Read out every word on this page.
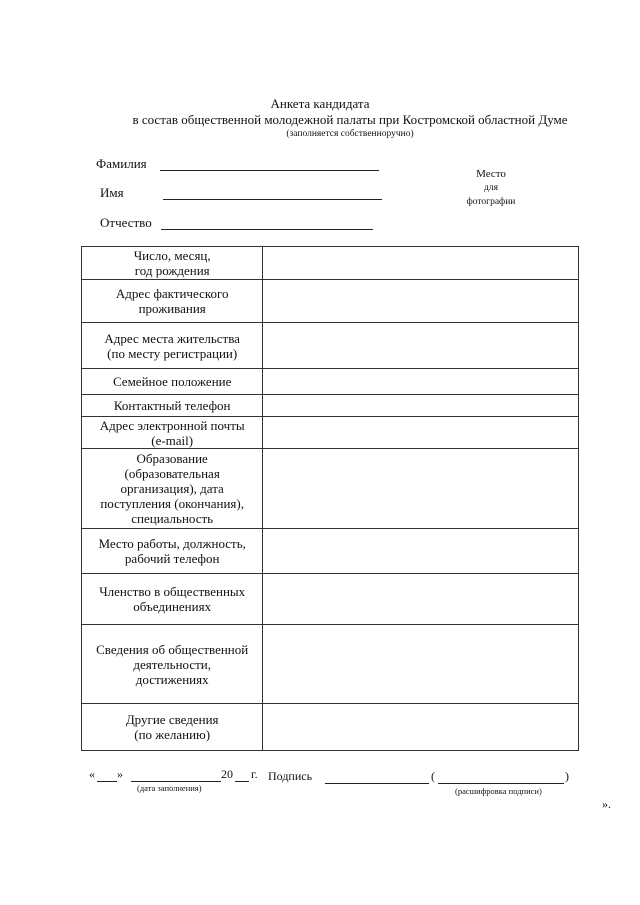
Анкета кандидата
в состав общественной молодежной палаты при Костромской областной Думе
(заполняется собственноручно)
Фамилия
Имя
Отчество
Место
для
фотографии
Число, месяц,
год рождения	

Адрес фактического
проживания	

Адрес места жительства
(по месту регистрации)	

Семейное положение	

Контактный телефон	

Адрес электронной почты
(e-mail)	

Образование
(образовательная
организация), дата
поступления (окончания),
специальность	

Место работы, должность,
рабочий телефон	

Членство в общественных
объединениях	

Сведения об общественной
деятельности,
достижениях	

Другие сведения
(по желанию)	

« »	20 г.
(дата заполнения)
Подпись	(	)
(расшифровка подписи)
».
